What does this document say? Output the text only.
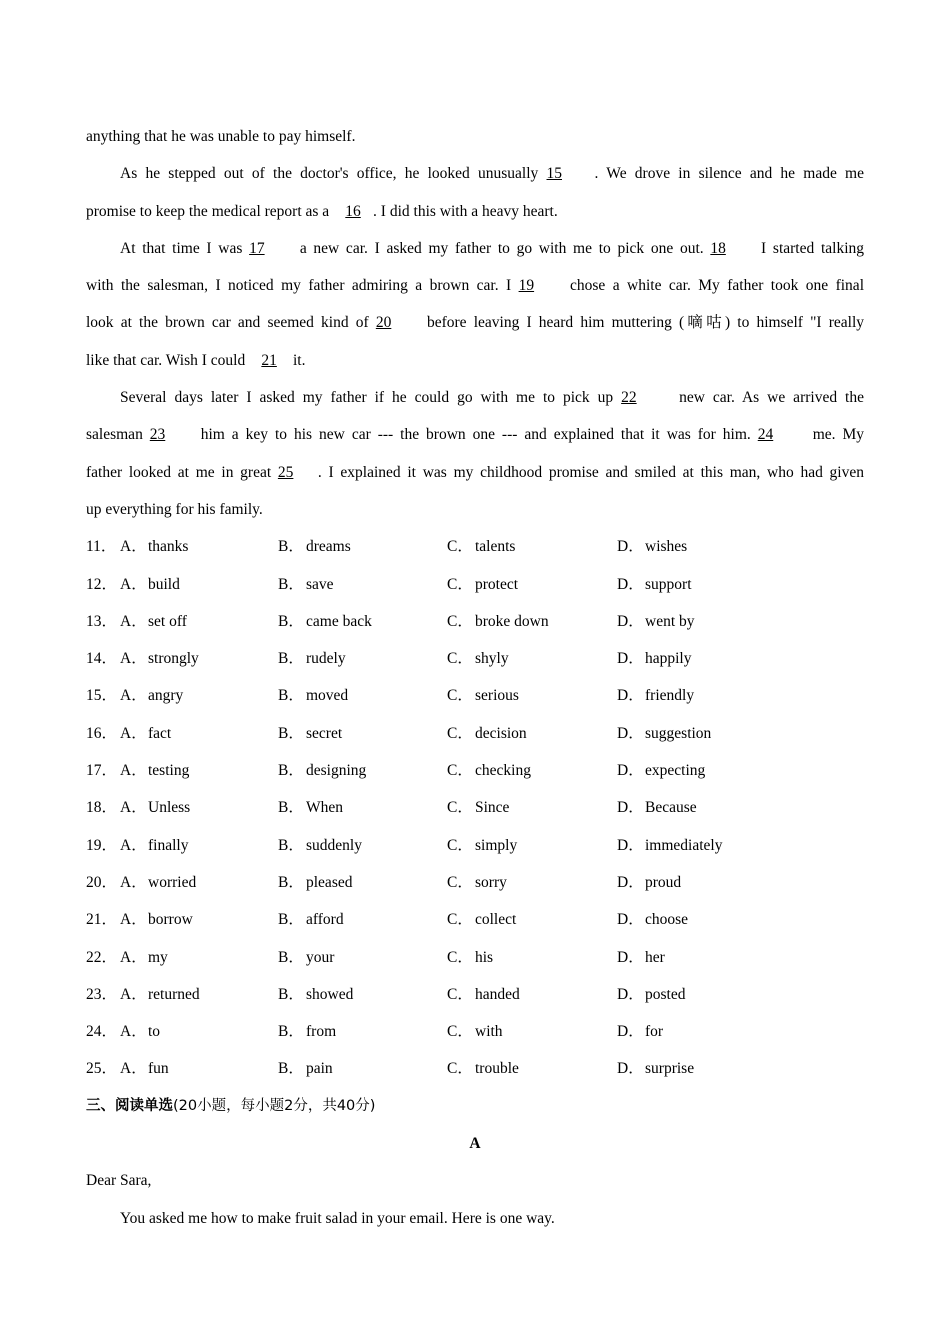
anything that he was unable to pay himself.
As he stepped out of the doctor's office, he looked unusually 15 . We drove in silence and he made me
promise to keep the medical report as a 16 . I did this with a heavy heart.
At that time I was 17 a new car. I asked my father to go with me to pick one out. 18 I started talking
with the salesman, I noticed my father admiring a brown car. I 19 chose a white car. My father took one final
look at the brown car and seemed kind of 20 before leaving I heard him muttering (嘀咕) to himself "I really
like that car. Wish I could 21 it.
Several days later I asked my father if he could go with me to pick up 22 new car. As we arrived the
salesman 23 him a key to his new car --- the brown one --- and explained that it was for him. 24 me. My
father looked at me in great 25 . I explained it was my childhood promise and smiled at this man, who had given
up everything for his family.
11． A． thanks	B． dreams	C． talents	D． wishes
12． A． build	B． save	C． protect	D． support
13． A． set off	B． came back	C． broke down	D． went by
14． A． strongly	B． rudely	C． shyly	D． happily
15． A． angry	B． moved	C． serious	D． friendly
16． A． fact	B． secret	C． decision	D． suggestion
17． A． testing	B． designing	C． checking	D． expecting
18． A． Unless	B． When	C． Since	D． Because
19． A． finally	B． suddenly	C． simply	D． immediately
20． A． worried	B． pleased	C． sorry	D． proud
21． A． borrow	B． afford	C． collect	D． choose
22． A． my	B． your	C． his	D． her
23． A． returned	B． showed	C． handed	D． posted
24． A． to	B． from	C． with	D． for
25． A． fun	B． pain	C． trouble	D． surprise
三、阅读单选(20小题，每小题2分，共40分)
A
Dear Sara,
You asked me how to make fruit salad in your email. Here is one way.
